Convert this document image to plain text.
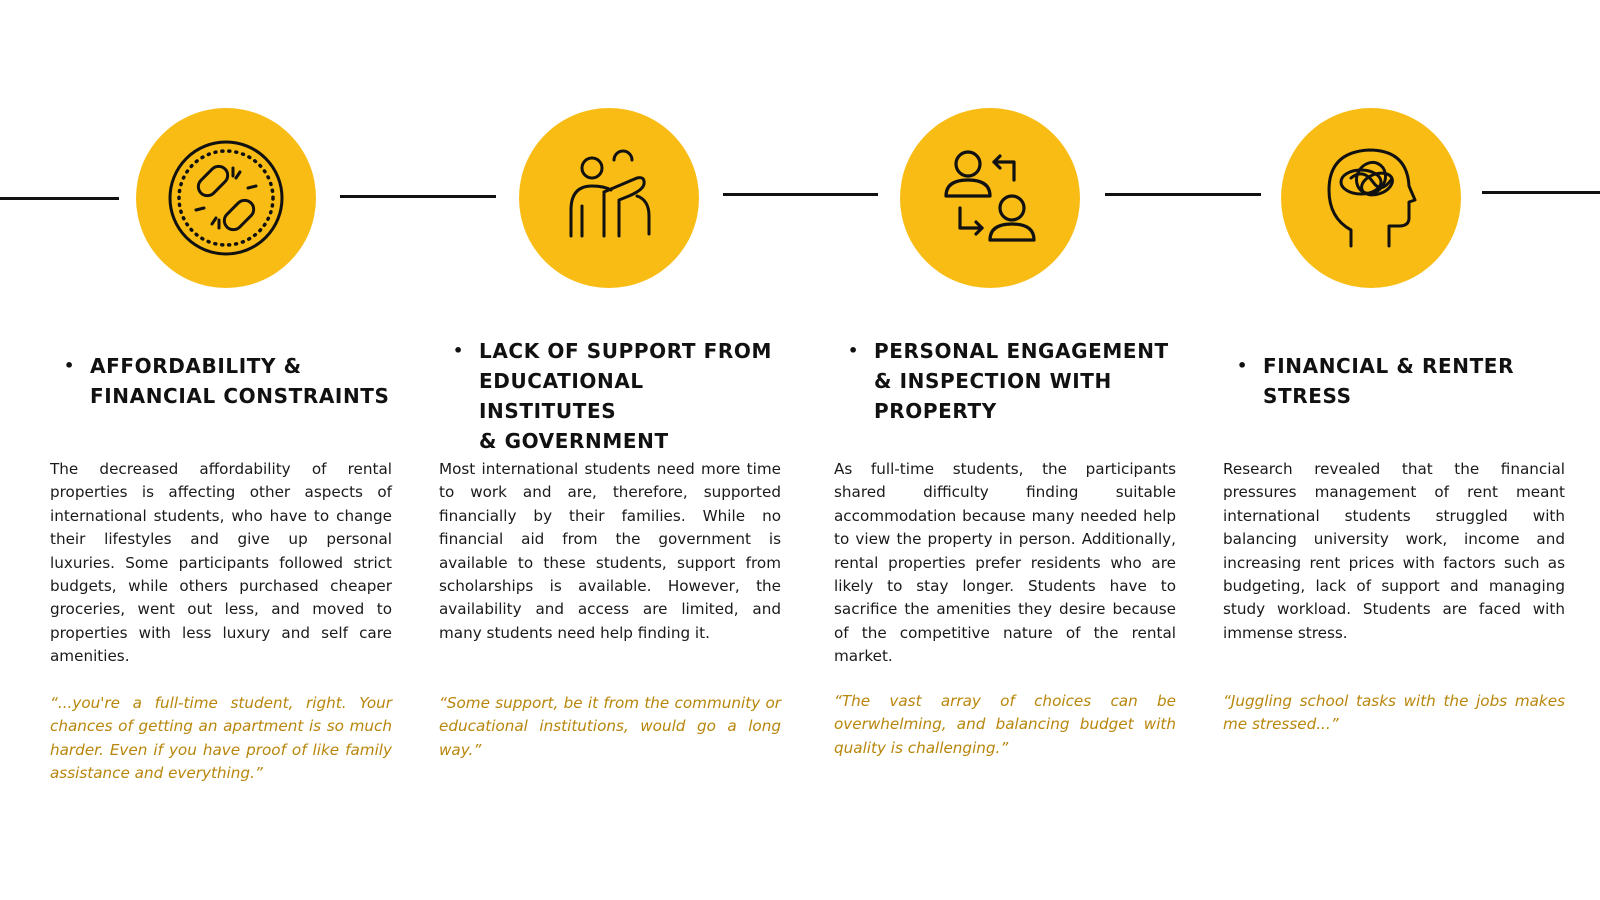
• AFFORDABILITY &
FINANCIAL CONSTRAINTS

The decreased affordability of rental properties is affecting other aspects of international students, who have to change their lifestyles and give up personal luxuries. Some participants followed strict budgets, while others purchased cheaper groceries, went out less, and moved to properties with less luxury and self care amenities.

“...you're a full-time student, right. Your chances of getting an apartment is so much harder. Even if you have proof of like family assistance and everything.”

• LACK OF SUPPORT FROM
EDUCATIONAL INSTITUTES
& GOVERNMENT

Most international students need more time to work and are, therefore, supported financially by their families. While no financial aid from the government is available to these students, support from scholarships is available. However, the availability and access are limited, and many students need help finding it.

“Some support, be it from the community or educational institutions, would go a long way.”

• PERSONAL ENGAGEMENT
& INSPECTION WITH
PROPERTY

As full-time students, the participants shared difficulty finding suitable accommodation because many needed help to view the property in person. Additionally, rental properties prefer residents who are likely to stay longer. Students have to sacrifice the amenities they desire because of the competitive nature of the rental market.

“The vast array of choices can be overwhelming, and balancing budget with quality is challenging.”

• FINANCIAL & RENTER
STRESS

Research revealed that the financial pressures management of rent meant international students struggled with balancing university work, income and increasing rent prices with factors such as budgeting, lack of support and managing study workload. Students are faced with immense stress.

“Juggling school tasks with the jobs makes me stressed...”
